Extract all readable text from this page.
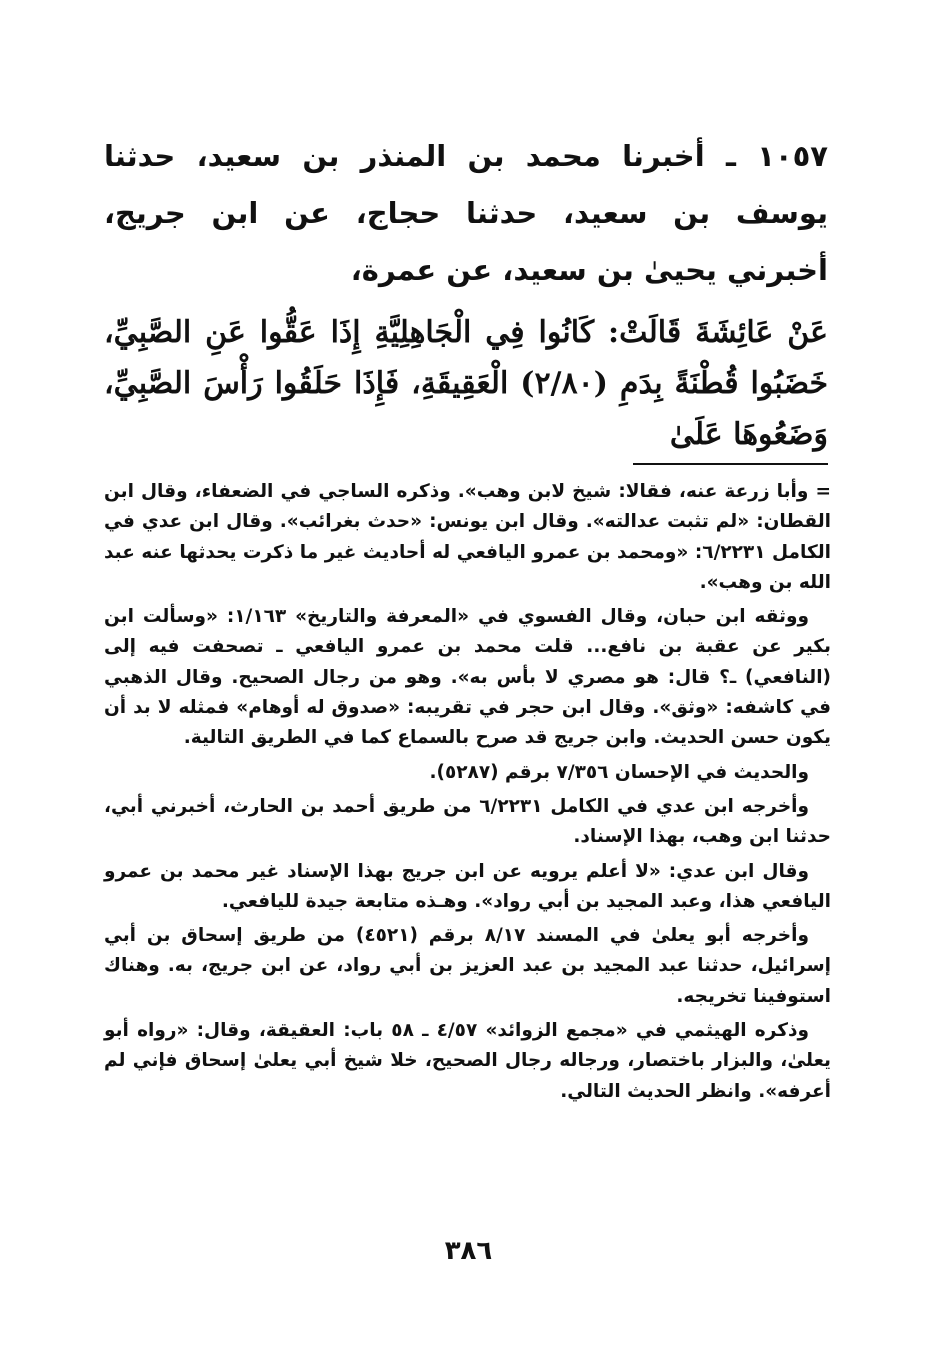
١٠٥٧ ـ أخبرنا محمد بن المنذر بن سعيد، حدثنا يوسف بن سعيد، حدثنا حجاج، عن ابن جريج، أخبرني يحيىٰ بن سعيد، عن عمرة،

عَنْ عَائِشَةَ قَالَتْ: كَانُوا فِي الْجَاهِلِيَّةِ إِذَا عَقُّوا عَنِ الصَّبِيِّ، خَضَبُوا قُطْنَةً بِدَمِ (٢/٨٠) الْعَقِيقَةِ، فَإِذَا حَلَقُوا رَأْسَ الصَّبِيِّ، وَضَعُوهَا عَلَىٰ

= وأبا زرعة عنه، فقالا: شيخ لابن وهب». وذكره الساجي في الضعفاء، وقال ابن القطان: «لم تثبت عدالته». وقال ابن يونس: «حدث بغرائب». وقال ابن عدي في الكامل ٦/٢٢٣١: «ومحمد بن عمرو اليافعي له أحاديث غير ما ذكرت يحدثها عنه عبد الله بن وهب».

ووثقه ابن حبان، وقال الفسوي في «المعرفة والتاريخ» ١/١٦٣: «وسألت ابن بكير عن عقبة بن نافع... قلت محمد بن عمرو اليافعي ـ تصحفت فيه إلى (النافعي) ـ؟ قال: هو مصري لا بأس به». وهو من رجال الصحيح. وقال الذهبي في كاشفه: «وثق». وقال ابن حجر في تقريبه: «صدوق له أوهام» فمثله لا بد أن يكون حسن الحديث. وابن جريج قد صرح بالسماع كما في الطريق التالية.

والحديث في الإحسان ٧/٣٥٦ برقم (٥٢٨٧).

وأخرجه ابن عدي في الكامل ٦/٢٢٣١ من طريق أحمد بن الحارث، أخبرني أبي، حدثنا ابن وهب، بهذا الإسناد.

وقال ابن عدي: «لا أعلم يرويه عن ابن جريج بهذا الإسناد غير محمد بن عمرو اليافعي هذا، وعبد المجيد بن أبي رواد». وهـذه متابعة جيدة لليافعي.

وأخرجه أبو يعلىٰ في المسند ٨/١٧ برقم (٤٥٢١) من طريق إسحاق بن أبي إسرائيل، حدثنا عبد المجيد بن عبد العزيز بن أبي رواد، عن ابن جريج، به. وهناك استوفينا تخريجه.

وذكره الهيثمي في «مجمع الزوائد» ٤/٥٧ ـ ٥٨ باب: العقيقة، وقال: «رواه أبو يعلىٰ، والبزار باختصار، ورجاله رجال الصحيح، خلا شيخ أبي يعلىٰ إسحاق فإني لم أعرفه». وانظر الحديث التالي.

٣٨٦
